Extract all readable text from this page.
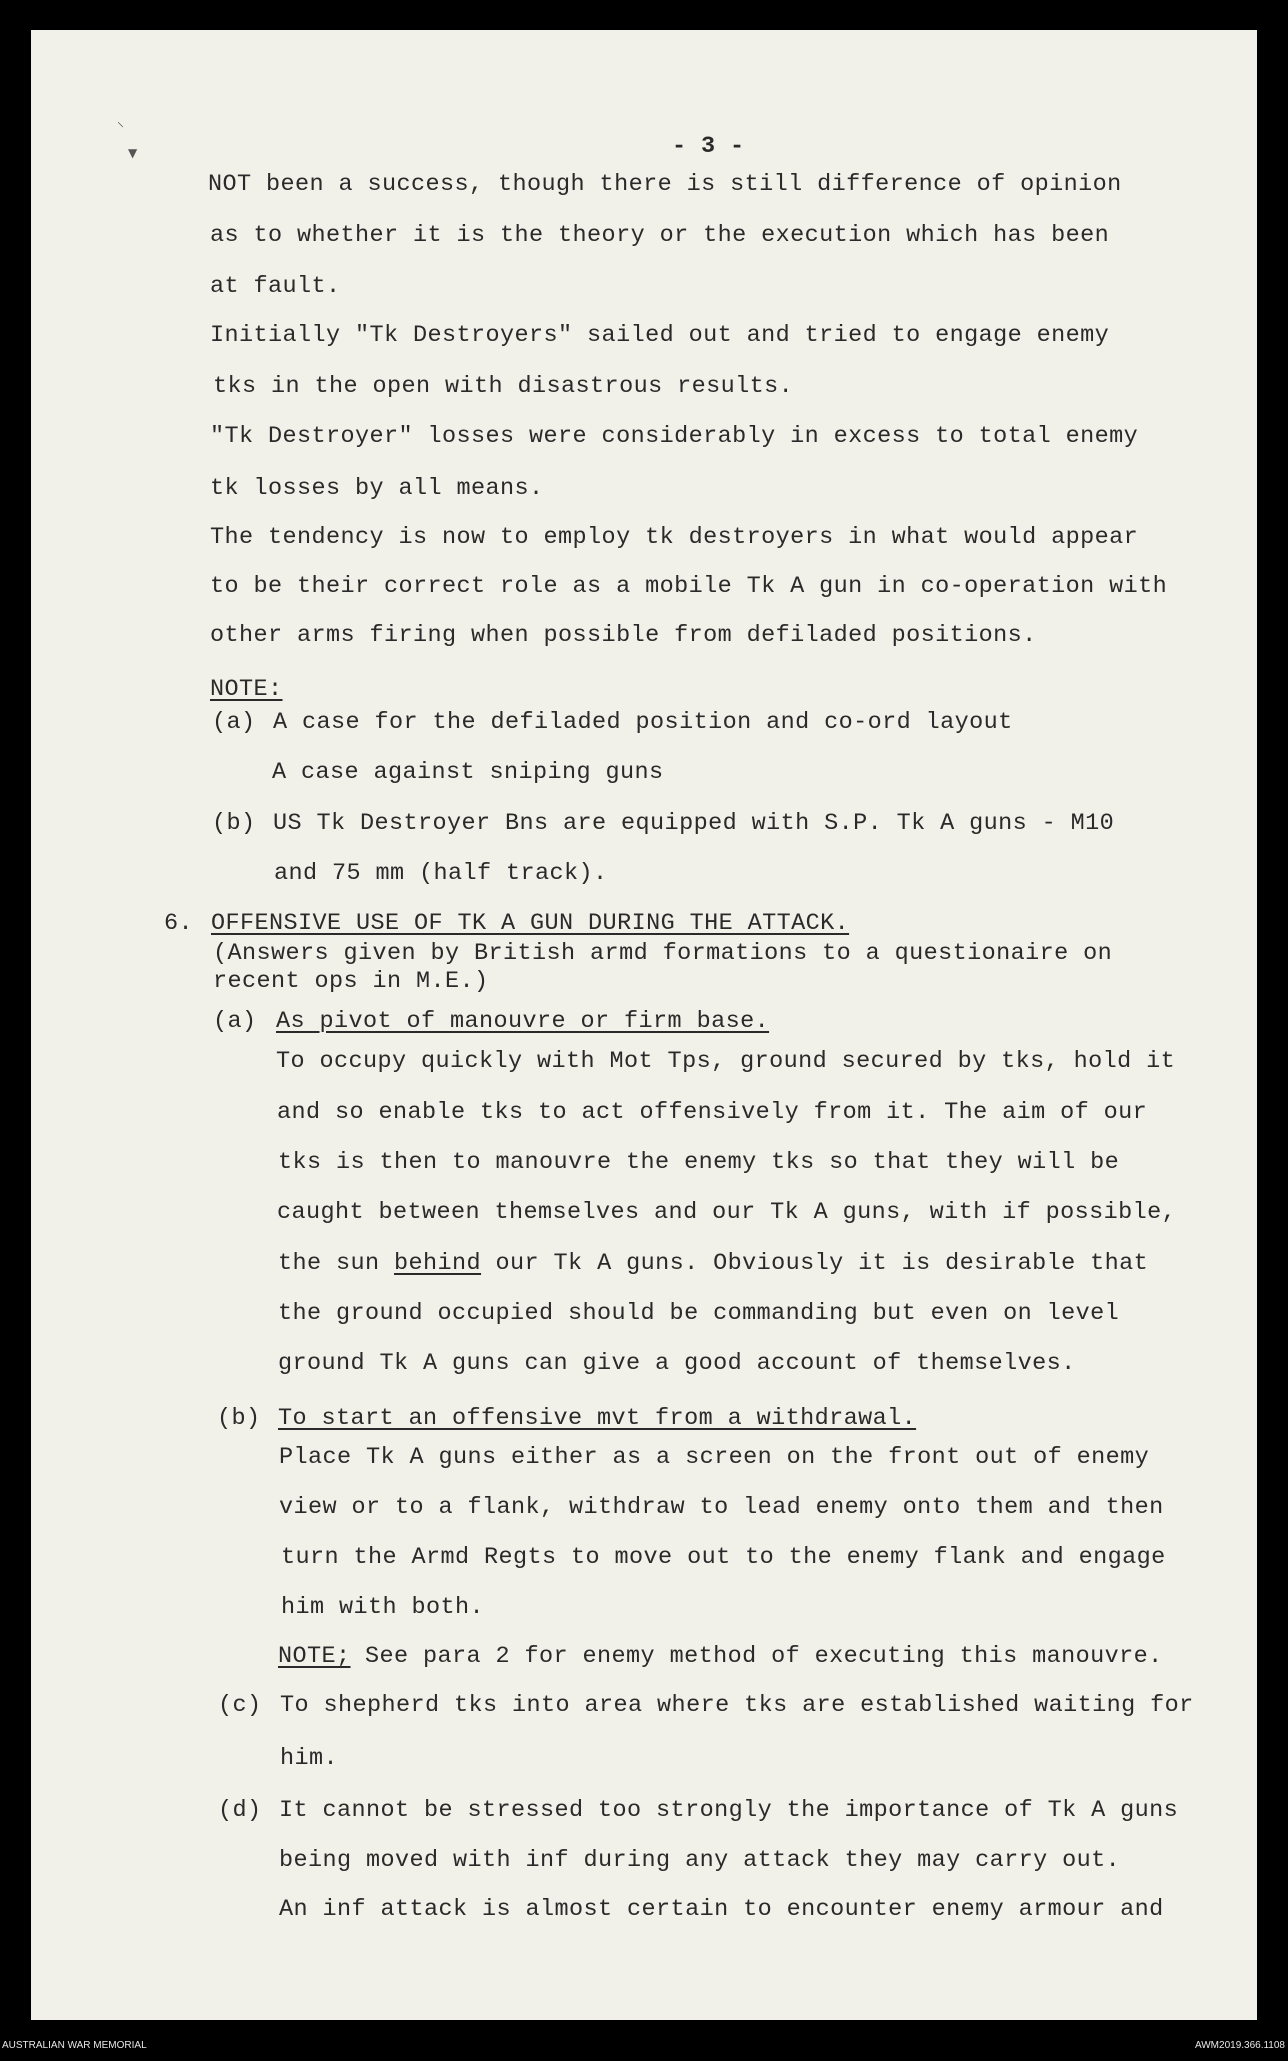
⸌
▼	- 3 -
NOT been a success, though there is still difference of opinion
as to whether it is the theory or the execution which has been
at fault.
Initially "Tk Destroyers" sailed out and tried to engage enemy
tks in the open with disastrous results.
"Tk Destroyer" losses were considerably in excess to total enemy
tk losses by all means.
The tendency is now to employ tk destroyers in what would appear
to be their correct role as a mobile Tk A gun in co-operation with
other arms firing when possible from defiladed positions.
NOTE:
(a) A case for the defiladed position and co-ord layout
A case against sniping guns
(b) US Tk Destroyer Bns are equipped with S.P. Tk A guns - M10
and 75 mm (half track).
6. OFFENSIVE USE OF TK A GUN DURING THE ATTACK.
(Answers given by British armd formations to a questionaire on
recent ops in M.E.)
(a) As pivot of manouvre or firm base.
To occupy quickly with Mot Tps, ground secured by tks, hold it
and so enable tks to act offensively from it. The aim of our
tks is then to manouvre the enemy tks so that they will be
caught between themselves and our Tk A guns, with if possible,
the sun behind our Tk A guns. Obviously it is desirable that
the ground occupied should be commanding but even on level
ground Tk A guns can give a good account of themselves.
(b) To start an offensive mvt from a withdrawal.
Place Tk A guns either as a screen on the front out of enemy
view or to a flank, withdraw to lead enemy onto them and then
turn the Armd Regts to move out to the enemy flank and engage
him with both.
NOTE; See para 2 for enemy method of executing this manouvre.
(c) To shepherd tks into area where tks are established waiting for
him.
(d) It cannot be stressed too strongly the importance of Tk A guns
being moved with inf during any attack they may carry out.
An inf attack is almost certain to encounter enemy armour and
AUSTRALIAN WAR MEMORIAL	AWM2019.366.1108
